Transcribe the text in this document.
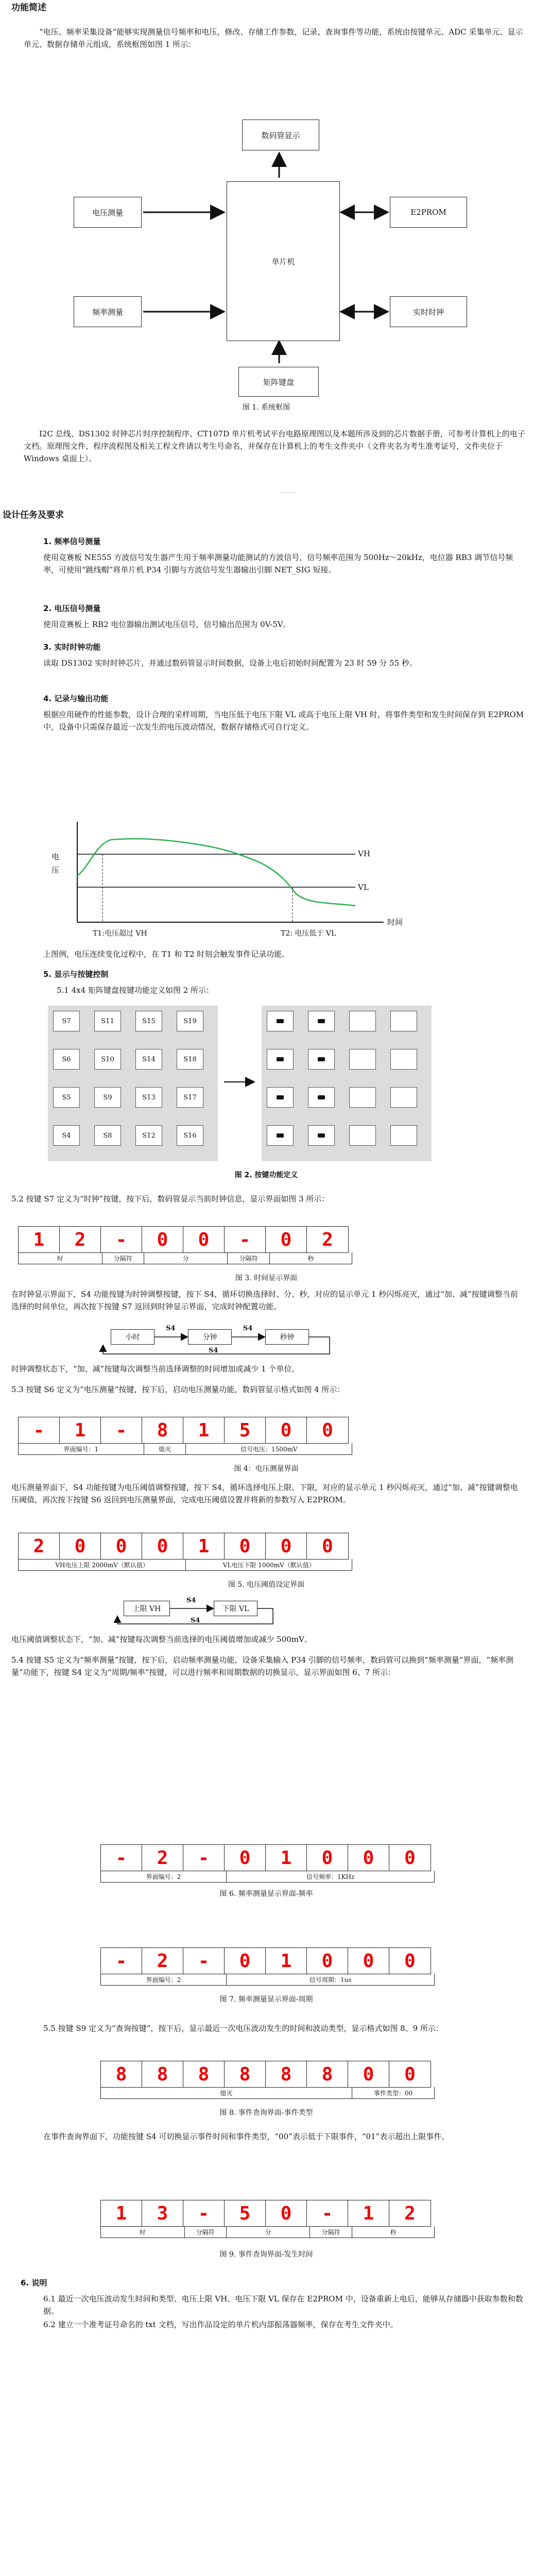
功能简述
“电压、频率采集设备”能够实现测量信号频率和电压，修改、存储工作参数，记录、查询事件等功能，系统由按键单元、ADC 采集单元、显示单元、数据存储单元组成，系统框图如图 1 所示：
数码管显示
单片机
电压测量	E2PROM
频率测量	实时时钟
矩阵键盘
图 1. 系统框图
I2C 总线、DS1302 时钟芯片时序控制程序、CT107D 单片机考试平台电路原理图以及本题所涉及到的芯片数据手册，可参考计算机上的电子文档。原理图文件、程序流程图及相关工程文件请以考生号命名，并保存在计算机上的考生文件夹中（文件夹名为考生准考证号，文件夹位于 Windows 桌面上）。
设计任务及要求
1. 频率信号测量
使用竞赛板 NE555 方波信号发生器产生用于频率测量功能测试的方波信号，信号频率范围为 500Hz～20kHz，电位器 RB3 调节信号频率，可使用“跳线帽”将单片机 P34 引脚与方波信号发生器输出引脚 NET_SIG 短接。
2. 电压信号测量
使用竞赛板上 RB2 电位器输出测试电压信号，信号输出范围为 0V-5V。
3. 实时时钟功能
读取 DS1302 实时时钟芯片，并通过数码管显示时间数据，设备上电后初始时间配置为 23 时 59 分 55 秒。
4. 记录与输出功能
根据应用硬件的性能参数，设计合理的采样周期，当电压低于电压下限 VL 或高于电压上限 VH 时，将事件类型和发生时间保存到 E2PROM 中，设备中只需保存最近一次发生的电压波动情况，数据存储格式可自行定义。
电压
VH
VL
时间
T1:电压超过 VH	T2: 电压低于 VL
上图例，电压连续变化过程中，在 T1 和 T2 时刻会触发事件记录功能。
5. 显示与按键控制
5.1 4x4 矩阵键盘按键功能定义如图 2 所示：
S7	S11	S15	S19
S6	S10	S14	S18
S5	S9	S13	S17
S4	S8	S12	S16
图 2. 按键功能定义
5.2 按键 S7 定义为“时钟”按键，按下后，数码管显示当前时钟信息，显示界面如图 3 所示：
1	2	-	0	0	-	0	2
时	分隔符	分	分隔符	秒
图 3. 时间显示界面
在时钟显示界面下，S4 功能按键为时钟调整按键，按下 S4，循环切换选择时、分、秒，对应的显示单元 1 秒闪烁亮灭，通过“加、减”按键调整当前选择的时间单位，再次按下按键 S7 返回到时钟显示界面，完成时钟配置功能。
小时	分钟	秒钟
S4	S4
S4
时钟调整状态下，“加、减”按键每次调整当前选择调整的时间增加或减少 1 个单位。
5.3 按键 S6 定义为“电压测量”按键，按下后，启动电压测量功能，数码管显示格式如图 4 所示：
-	1	-	8	1	5	0	0
界面编号：1	熄灭	信号电压：1500mV
图 4：电压测量界面
电压测量界面下，S4 功能按键为电压阈值调整按键，按下 S4，循环选择电压上限、下限，对应的显示单元 1 秒闪烁亮灭，通过“加、减”按键调整电压阈值，再次按下按键 S6 返回到电压测量界面，完成电压阈值设置并将新的参数写入 E2PROM。
2	0	0	0	1	0	0	0
VH电压上限 2000mV（默认值）	VL电压下限 1000mV（默认值）
图 5. 电压阈值设定界面
上限 VH	下限 VL
S4
S4
电压阈值调整状态下，“加、减”按键每次调整当前选择的电压阈值增加或减少 500mV。
5.4 按键 S5 定义为“频率测量”按键，按下后，启动频率测量功能，设备采集输入 P34 引脚的信号频率，数码管可以换到“频率测量”界面，“频率测量”功能下，按键 S4 定义为“周期/频率”按键，可以进行频率和周期数据的切换显示，显示界面如图 6、7 所示：
-	2	-	0	1	0	0	0
界面编号：2	信号频率：1KHz
图 6. 频率测量显示界面-频率
-	2	-	0	1	0	0	0
界面编号：2	信号周期：1us
图 7. 频率测量显示界面-周期
5.5 按键 S9 定义为“查询按键”，按下后，显示最近一次电压波动发生的时间和波动类型，显示格式如图 8、9 所示：
8	8	8	8	8	8	0	0
熄灭	事件类型：00
图 8. 事件查询界面-事件类型
在事件查询界面下，功能按键 S4 可切换显示事件时间和事件类型，“00”表示低于下限事件，“01”表示超出上限事件。
1	3	-	5	0	-	1	2
时	分隔符	分	分隔符	秒
图 9. 事件查询界面-发生时间
6. 说明
6.1 最近一次电压波动发生时间和类型、电压上限 VH、电压下限 VL 保存在 E2PROM 中，设备重新上电后，能够从存储器中获取参数和数据。
6.2 建立一个准考证号命名的 txt 文档，写出作品设定的单片机内部振荡器频率，保存在考生文件夹中。
